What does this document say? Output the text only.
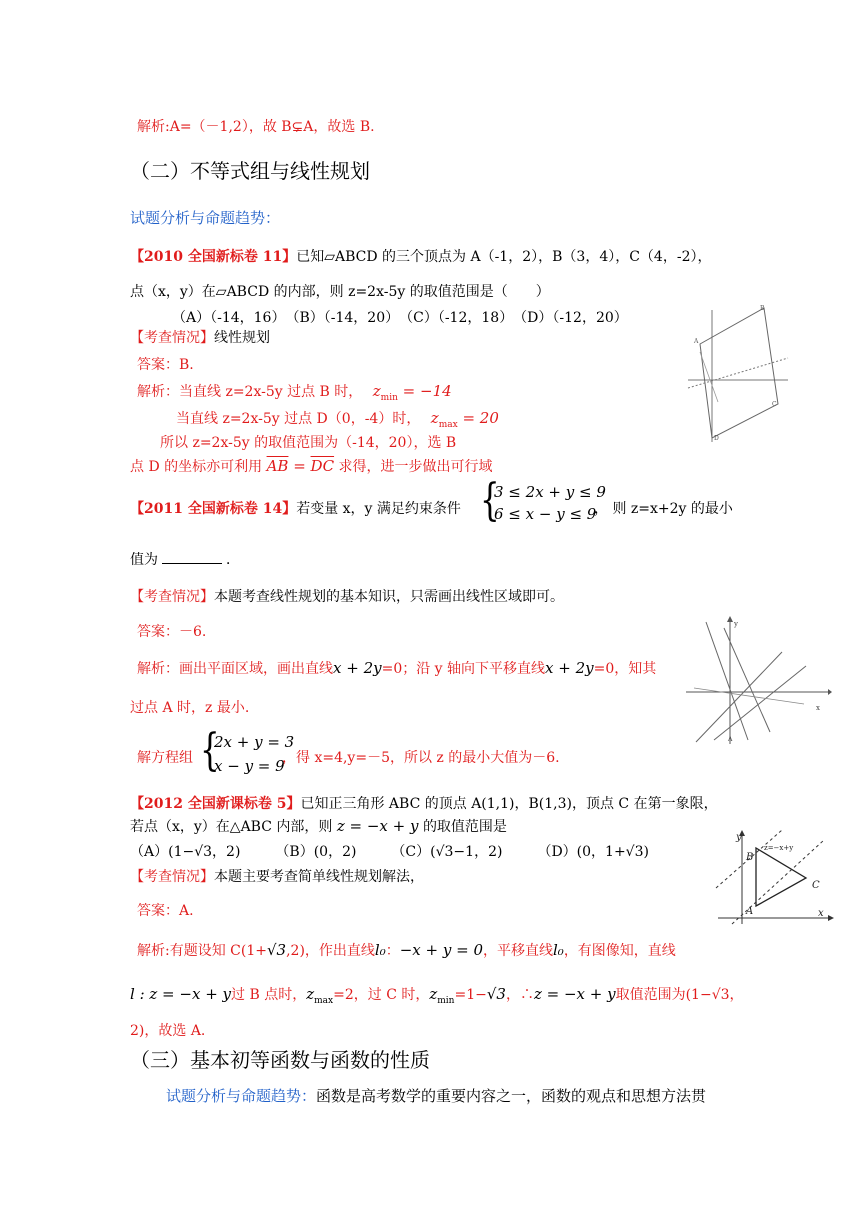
解析:A=（－1,2），故 B⊊A，故选 B.
（二）不等式组与线性规划
试题分析与命题趋势：
【2010 全国新标卷 11】已知▱ABCD 的三个顶点为 A（-1，2），B（3，4），C（4，-2），
点（x，y）在▱ABCD 的内部，则 z=2x-5y 的取值范围是（　　）
（A）（-14，16）　（B）（-14，20）　（C）（-12，18）　（D）（-12，20）
【考查情况】线性规划
答案：B.
解析：当直线 z=2x-5y 过点 B 时， $z_{min} = -14$
当直线 z=2x-5y 过点 D（0，-4）时， $z_{max} = 20$
所以 z=2x-5y 的取值范围为（-14，20），选 B
点 D 的坐标亦可利用 $\overline{AB} = \overline{DC}$ 求得，进一步做出可行域
A
B
C
D
【2011 全国新标卷 14】若变量 x，y 满足约束条件 {
3 ≤ 2x + y ≤ 9
6 ≤ x − y ≤ 9
， 则 z=x+2y 的最小
值为	．
【考查情况】本题考查线性规划的基本知识，只需画出线性区域即可。
答案：－6.
解析：画出平面区域，画出直线x + 2y=0；沿 y 轴向下平移直线x + 2y=0，知其
过点 A 时，z 最小.
解方程组 {
2x + y = 3
x − y = 9
，得 x=4,y=－5，所以 z 的最小大值为－6.
y
x
A
【2012 全国新课标卷 5】已知正三角形 ABC 的顶点 A(1,1)，B(1,3)，顶点 C 在第一象限，
若点（x，y）在△ABC 内部，则 z = −x + y 的取值范围是
（A）(1−√3，2)　　　（B）(0，2)　　　（C）(√3−1，2)　　　（D）(0，1+√3)
【考查情况】本题主要考查简单线性规划解法，
答案：A.
y
B
A
C
x
z=−x+y
解析:有题设知 C(1+√3,2)，作出直线l₀：−x + y = 0，平移直线l₀，有图像知，直线
l : z = −x + y过 B 点时，$z_{max}=2$，过 C 时，$z_{min}=1-√3$，∴z = −x + y取值范围为(1−√3，
2)，故选 A.
（三）基本初等函数与函数的性质
试题分析与命题趋势：函数是高考数学的重要内容之一，函数的观点和思想方法贯
